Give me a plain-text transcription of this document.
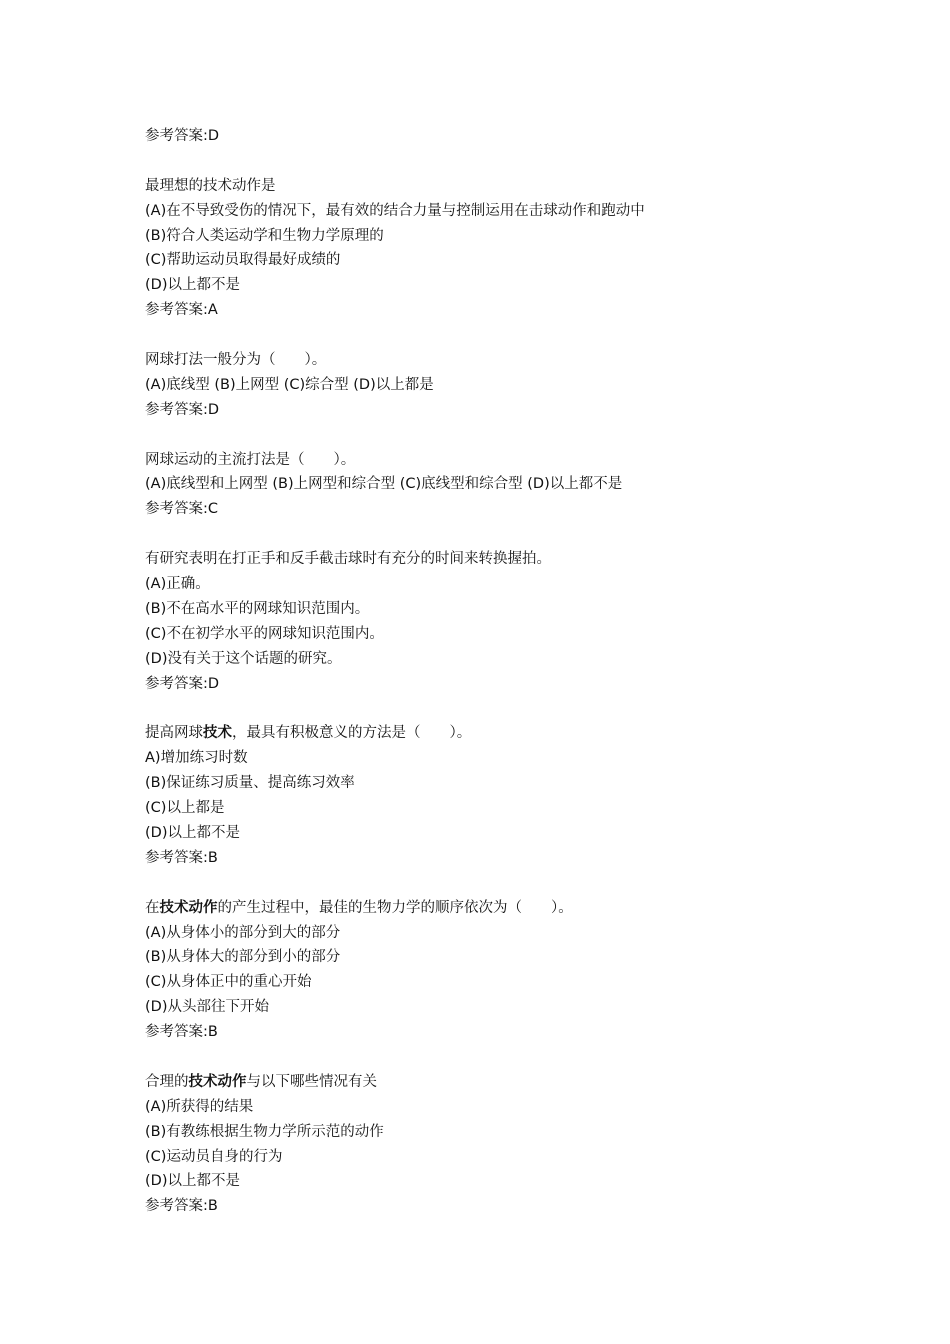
参考答案:D
最理想的技术动作是
(A)在不导致受伤的情况下，最有效的结合力量与控制运用在击球动作和跑动中
(B)符合人类运动学和生物力学原理的
(C)帮助运动员取得最好成绩的
(D)以上都不是
参考答案:A
网球打法一般分为（　　）。
(A)底线型 (B)上网型 (C)综合型 (D)以上都是
参考答案:D
网球运动的主流打法是（　　）。
(A)底线型和上网型 (B)上网型和综合型 (C)底线型和综合型 (D)以上都不是
参考答案:C
有研究表明在打正手和反手截击球时有充分的时间来转换握拍。
(A)正确。
(B)不在高水平的网球知识范围内。
(C)不在初学水平的网球知识范围内。
(D)没有关于这个话题的研究。
参考答案:D
提高网球技术，最具有积极意义的方法是（　　）。
A)增加练习时数
(B)保证练习质量、提高练习效率
(C)以上都是
(D)以上都不是
参考答案:B
在技术动作的产生过程中，最佳的生物力学的顺序依次为（　　）。
(A)从身体小的部分到大的部分
(B)从身体大的部分到小的部分
(C)从身体正中的重心开始
(D)从头部往下开始
参考答案:B
合理的技术动作与以下哪些情况有关
(A)所获得的结果
(B)有教练根据生物力学所示范的动作
(C)运动员自身的行为
(D)以上都不是
参考答案:B
